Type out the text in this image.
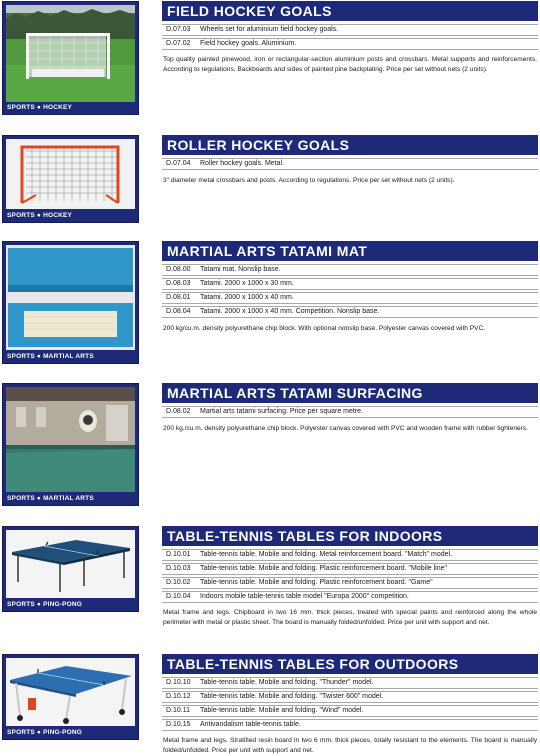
SPORTS ● HOCKEY
FIELD HOCKEY GOALS
D.07.03	Wheels set for aluminium field hockey goals.
D.07.02	Field hockey goals. Aluminium.
Top quality painted pinewood, iron or rectangular-section aluminium posts and crossbars. Metal supports and reinforcements. According to regulations. Backboards and sides of painted pine backplating. Price per set without nets (2 units).
SPORTS ● HOCKEY
ROLLER HOCKEY GOALS
D.07.04	Roller hockey goals. Metal.
3" diameter metal crossbars and posts. According to regulations. Price per set without nets (2 units).
SPORTS ● MARTIAL ARTS
MARTIAL ARTS TATAMI MAT
D.08.00	Tatami mat. Nonslip base.
D.08.03	Tatami. 2000 x 1000 x 30 mm.
D.08.01	Tatami. 2000 x 1000 x 40 mm.
D.08.04	Tatami. 2000 x 1000 x 40 mm. Competition. Nonslip base.
200 kg/cu.m. density polyurethane chip block. With optional nonslip base. Polyester canvas covered with PVC.
SPORTS ● MARTIAL ARTS
MARTIAL ARTS TATAMI SURFACING
D.08.02	Martial arts tatami surfacing. Price per square metre.
200 kg./cu.m. density polyurethane chip block. Polyester canvas covered with PVC and wooden frame with rubber tighteners.
SPORTS ● PING-PONG
TABLE-TENNIS TABLES FOR INDOORS
D.10.01	Table-tennis table. Mobile and folding. Metal reinforcement board. "Match" model.
D.10.03	Table-tennis table. Mobile and folding. Plastic reinforcement board. "Mobile line"
D.10.02	Table-tennis table. Mobile and folding. Plastic reinforcement board. "Game"
D.10.04	Indoors mobile table-tennis table model "Europa 2000" competition.
Metal frame and legs. Chipboard in two 16 mm. thick pieces, treated with special paints and reinforced along the whole perimeter with metal or plastic sheet. The board is manually folded/unfolded. Price per unit with support and net.
SPORTS ● PING-PONG
TABLE-TENNIS TABLES FOR OUTDOORS
D.10.10	Table-tennis table. Mobile and folding. "Thunder" model.
D.10.12	Table-tennis table. Mobile and folding. "Twister 600" model.
D.10.11	Table-tennis table. Mobile and folding. "Wind" model.
D.10.15	Antivandalism table-tennis table.
Metal frame and legs. Stratified resin board in two 6 mm. thick pieces, totally resistant to the elements. The board is manually folded/unfolded. Price per unit with support and net.
